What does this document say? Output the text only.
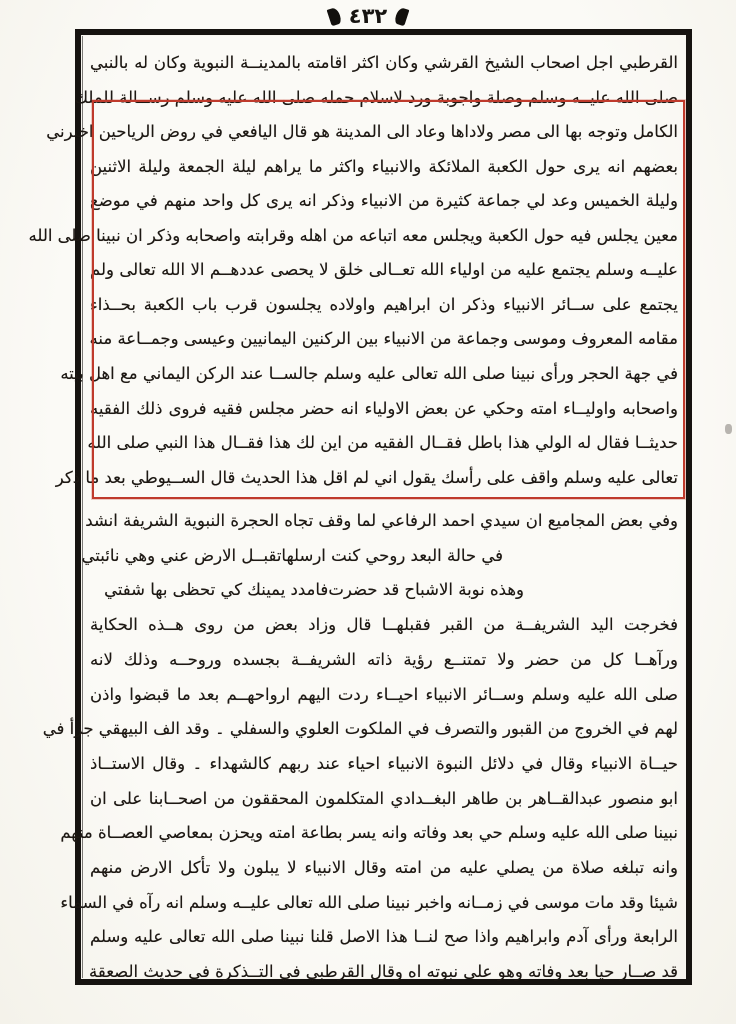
٤٣٢
القرطبي اجل اصحاب الشيخ القرشي وكان اكثر اقامته بالمدينــة النبوية وكان له بالنبي
صلى الله عليــه وسلم وصلة واجوبة ورد لاسلام حمله صلى الله عليه وسلم رســالة للملك
الكامل وتوجه بها الى مصر ولاداها وعاد الى المدينة هو قال اليافعي في روض الرياحين اخبرني
بعضهم انه يرى حول الكعبة الملائكة والانبياء واكثر ما يراهم ليلة الجمعة وليلة الاثنين
وليلة الخميس وعد لي جماعة كثيرة من الانبياء وذكر انه يرى كل واحد منهم في موضع
معين يجلس فيه حول الكعبة ويجلس معه اتباعه من اهله وقرابته واصحابه وذكر ان نبينا صلى الله
عليــه وسلم يجتمع عليه من اولياء الله تعــالى خلق لا يحصى عددهــم الا الله تعالى ولم
يجتمع على ســائر الانبياء وذكر ان ابراهيم واولاده يجلسون قرب باب الكعبة بحــذاء
مقامه المعروف وموسى وجماعة من الانبياء بين الركنين اليمانيين وعيسى وجمــاعة منه
في جهة الحجر ورأى نبينا صلى الله تعالى عليه وسلم جالســا عند الركن اليماني مع اهل بيته
واصحابه واوليــاء امته وحكي عن بعض الاولياء انه حضر مجلس فقيه فروى ذلك الفقيه
حديثــا فقال له الولي هذا باطل فقــال الفقيه من اين لك هذا فقــال هذا النبي صلى الله
تعالى عليه وسلم واقف على رأسك يقول اني لم اقل هذا الحديث قال الســيوطي بعد ما ذكر
وفي بعض المجاميع ان سيدي احمد الرفاعي لما وقف تجاه الحجرة النبوية الشريفة انشد
في حالة البعد روحي كنت ارسلها
تقبــل الارض عني وهي نائبتي
وهذه نوبة الاشباح قد حضرت
فامدد يمينك كي تحظى بها شفتي
فخرجت اليد الشريفــة من القبر فقبلهــا قال وزاد بعض من روى هــذه الحكاية
ورآهــا كل من حضر ولا تمتنــع رؤية ذاته الشريفــة بجسده وروحــه وذلك لانه
صلى الله عليه وسلم وســائر الانبياء احيــاء ردت اليهم ارواحهــم بعد ما قبضوا واذن
لهم في الخروج من القبور والتصرف في الملكوت العلوي والسفلي ۔ وقد الف البيهقي جزأ في
حيــاة الانبياء وقال في دلائل النبوة الانبياء احياء عند ربهم كالشهداء ۔ وقال الاستــاذ
ابو منصور عبدالقــاهر بن طاهر البغــدادي المتكلمون المحققون من اصحــابنا على ان
نبينا صلى الله عليه وسلم حي بعد وفاته وانه يسر بطاعة امته ويحزن بمعاصي العصــاة منهم
وانه تبلغه صلاة من يصلي عليه من امته وقال الانبياء لا يبلون ولا تأكل الارض منهم
شيئا وقد مات موسى في زمــانه واخبر نبينا صلى الله تعالى عليــه وسلم انه رآه في السماء
الرابعة ورأى آدم وابراهيم واذا صح لنــا هذا الاصل قلنا نبينا صلى الله تعالى عليه وسلم
قد صــار حيا بعد وفاته وهو على نبوته اه وقال القرطبي في التــذكرة في حديث الصعقة
